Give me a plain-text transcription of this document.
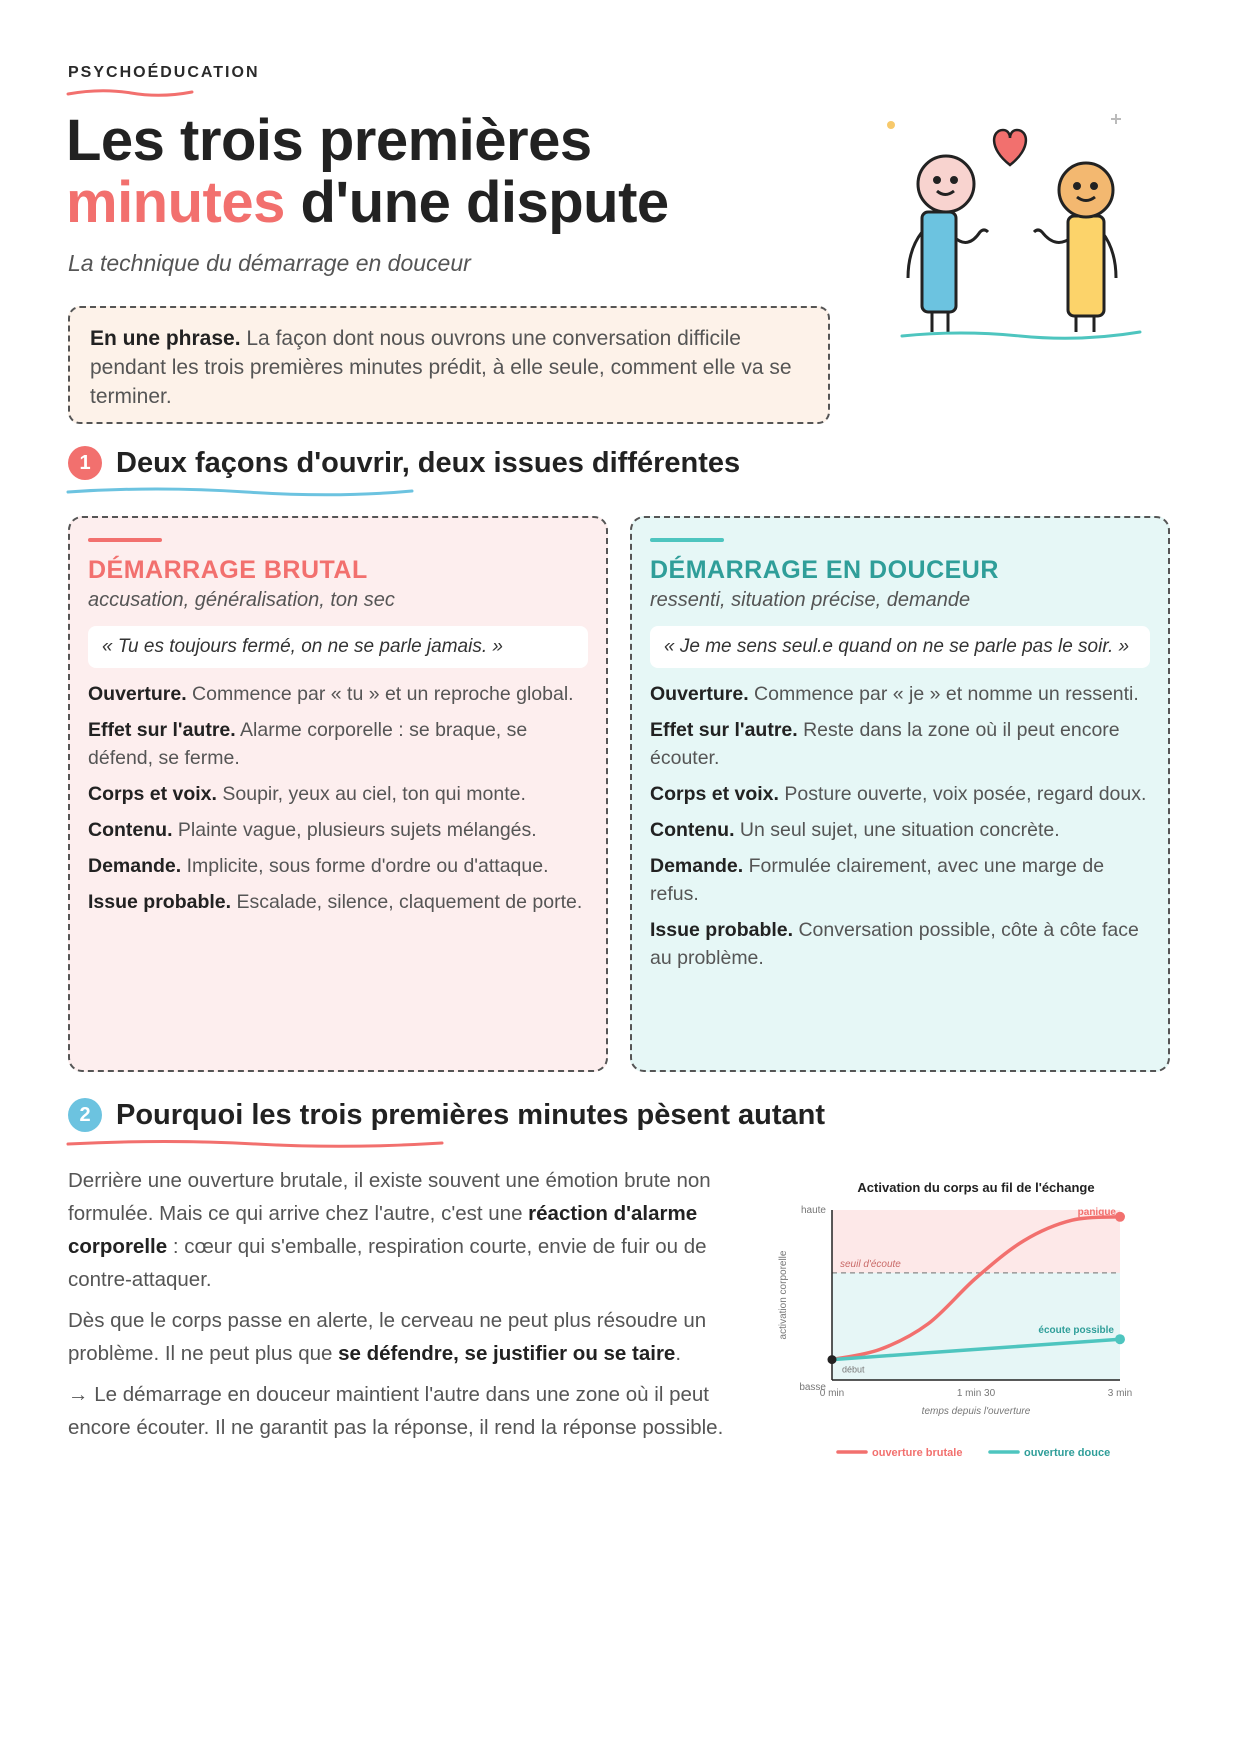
PSYCHOÉDUCATION
Les trois premières
minutes d'une dispute
La technique du démarrage en douceur
En une phrase. La façon dont nous ouvrons une conversation difficile pendant les trois premières minutes prédit, à elle seule, comment elle va se terminer.
1 Deux façons d'ouvrir, deux issues différentes
DÉMARRAGE BRUTAL
accusation, généralisation, ton sec
« Tu es toujours fermé, on ne se parle jamais. »
Ouverture. Commence par « tu » et un reproche global.
Effet sur l'autre. Alarme corporelle : se braque, se défend, se ferme.
Corps et voix. Soupir, yeux au ciel, ton qui monte.
Contenu. Plainte vague, plusieurs sujets mélangés.
Demande. Implicite, sous forme d'ordre ou d'attaque.
Issue probable. Escalade, silence, claquement de porte.
DÉMARRAGE EN DOUCEUR
ressenti, situation précise, demande
« Je me sens seul.e quand on ne se parle pas le soir. »
Ouverture. Commence par « je » et nomme un ressenti.
Effet sur l'autre. Reste dans la zone où il peut encore écouter.
Corps et voix. Posture ouverte, voix posée, regard doux.
Contenu. Un seul sujet, une situation concrète.
Demande. Formulée clairement, avec une marge de refus.
Issue probable. Conversation possible, côte à côte face au problème.
2 Pourquoi les trois premières minutes pèsent autant

Derrière une ouverture brutale, il existe souvent une émotion brute non formulée. Mais ce qui arrive chez l'autre, c'est une réaction d'alarme corporelle : cœur qui s'emballe, respiration courte, envie de fuir ou de contre-attaquer.

Dès que le corps passe en alerte, le cerveau ne peut plus résoudre un problème. Il ne peut plus que se défendre, se justifier ou se taire.

→ Le démarrage en douceur maintient l'autre dans une zone où il peut encore écouter. Il ne garantit pas la réponse, il rend la réponse possible.

Activation du corps au fil de l'échange
seuil d'écoute
basse
haute
0 min	1 min 30	3 min
temps depuis l'ouverture
activation corporelle
début
panique
écoute possible
ouverture brutale	ouverture douce
